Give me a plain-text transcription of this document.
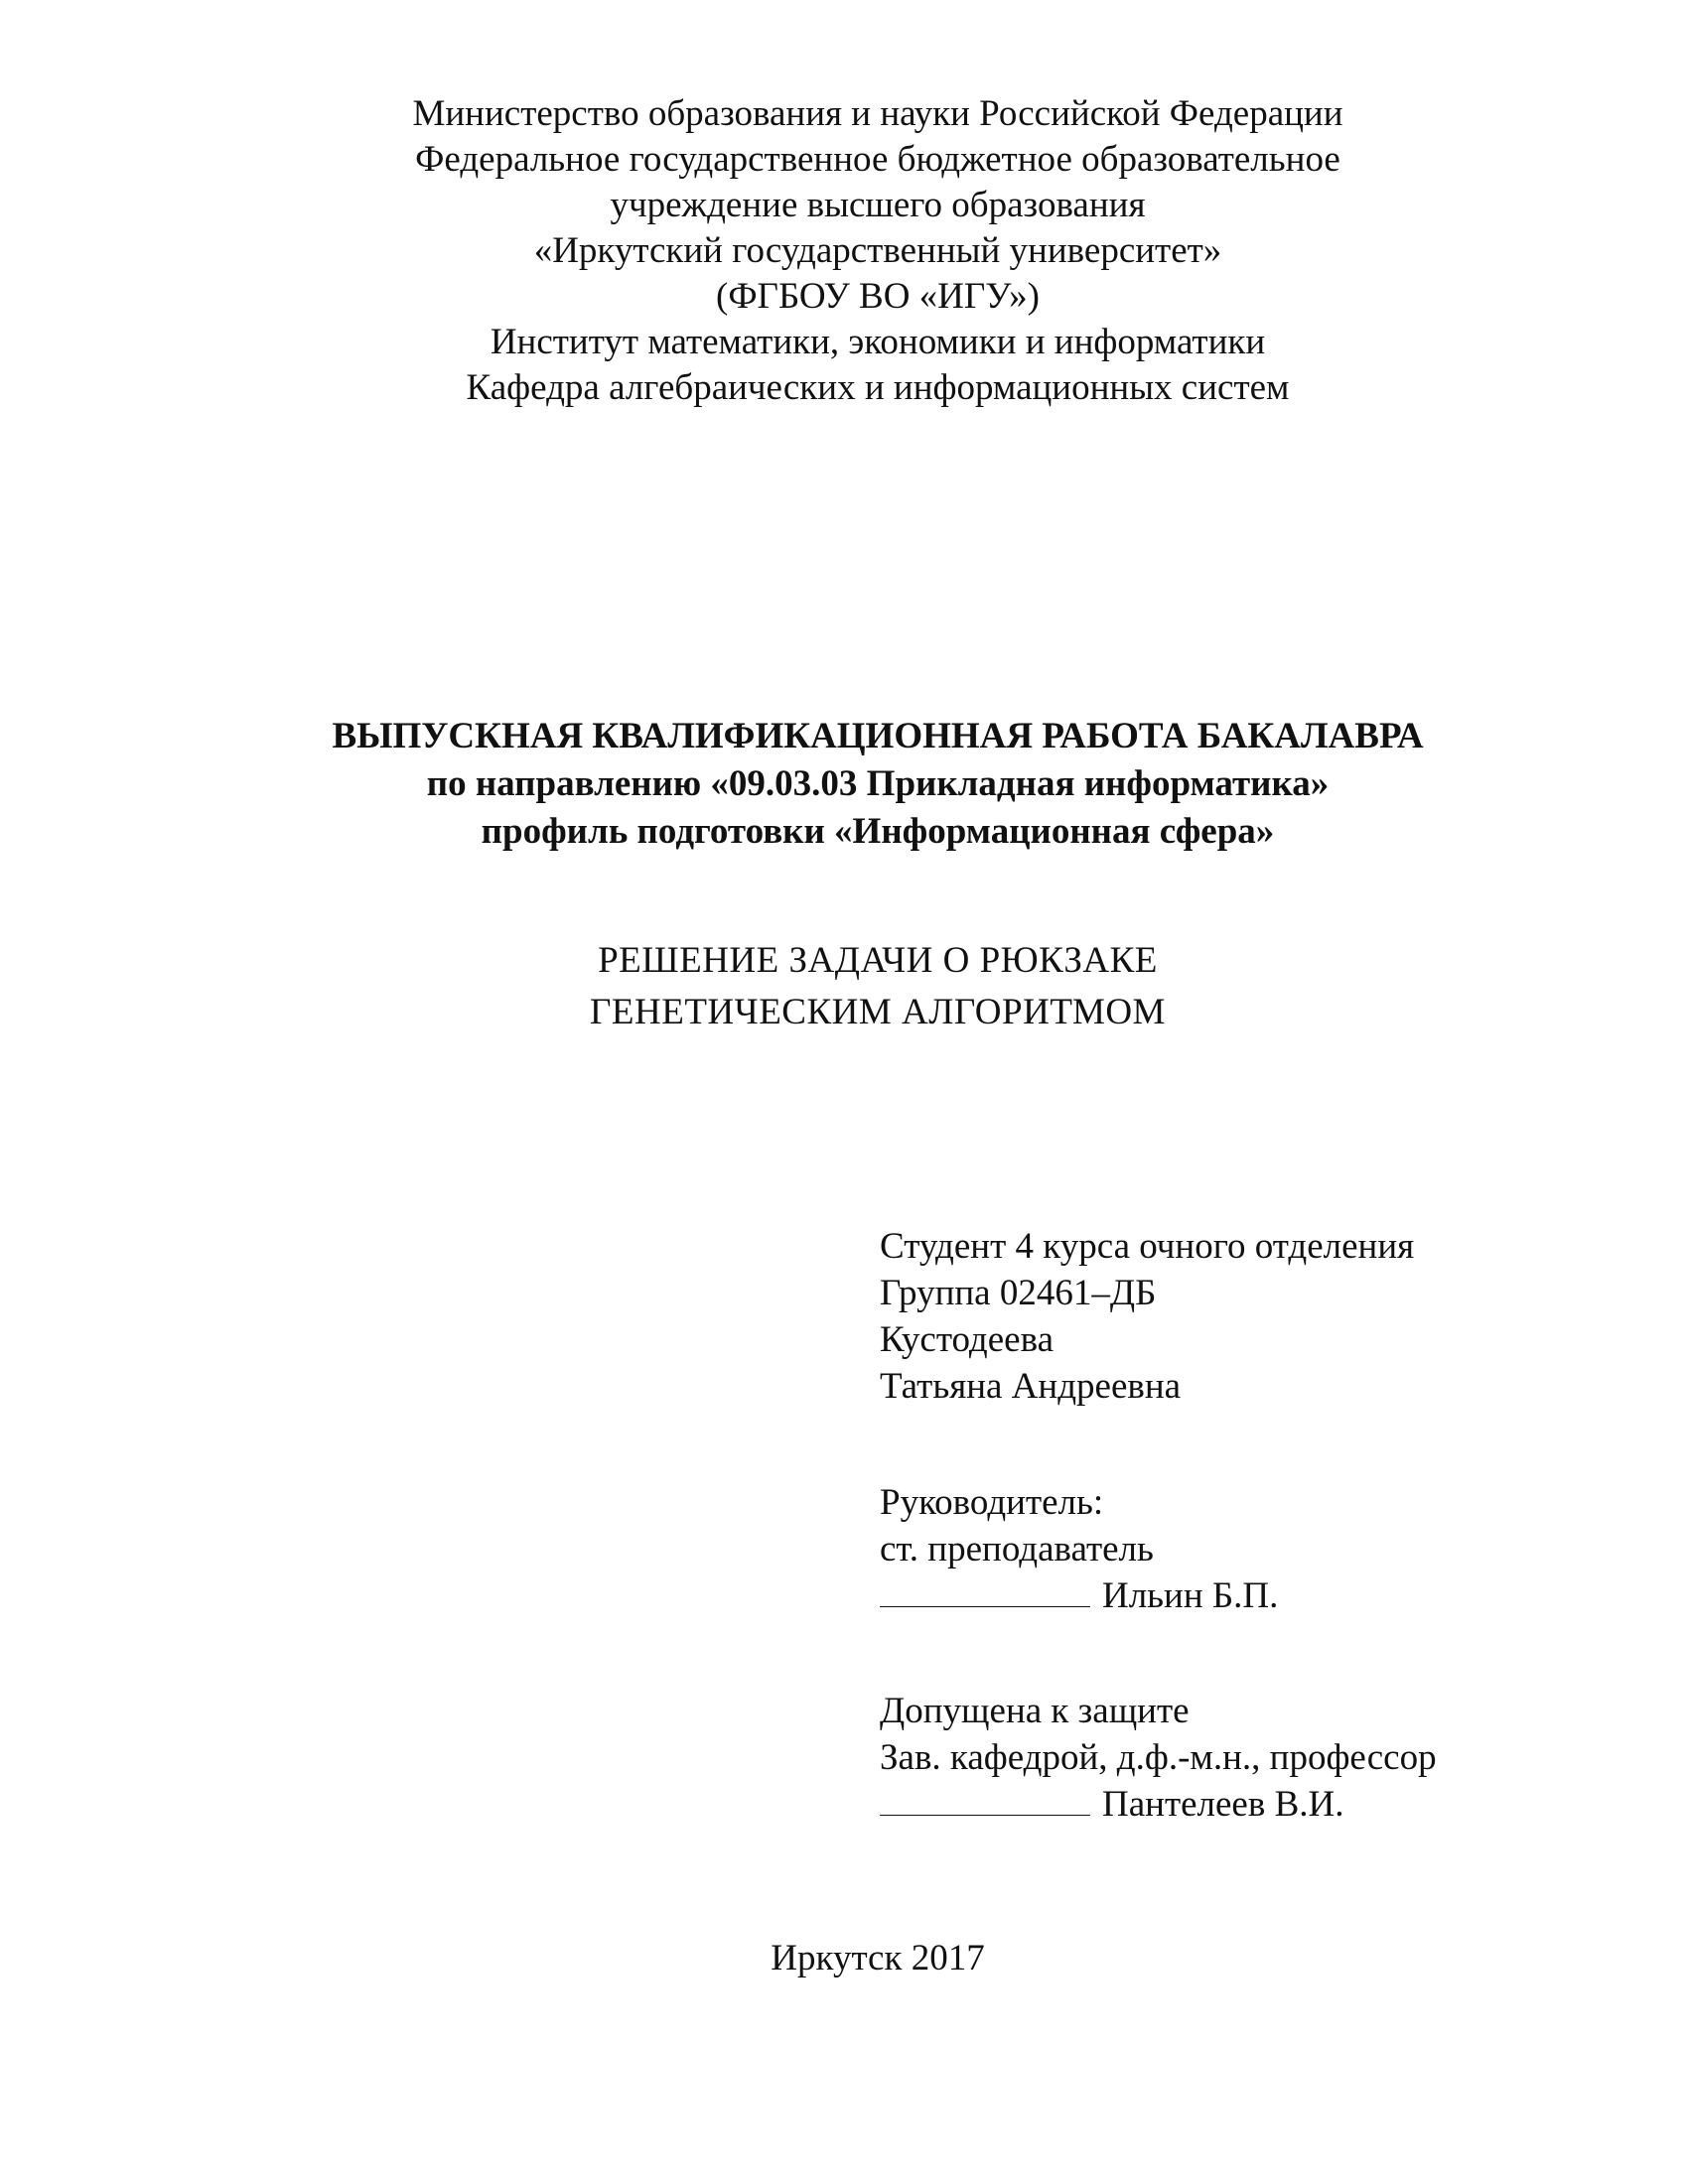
Министерство образования и науки Российской Федерации
Федеральное государственное бюджетное образовательное
учреждение высшего образования
«Иркутский государственный университет»
(ФГБОУ ВО «ИГУ»)
Институт математики, экономики и информатики
Кафедра алгебраических и информационных систем
ВЫПУСКНАЯ КВАЛИФИКАЦИОННАЯ РАБОТА БАКАЛАВРА
по направлению «09.03.03 Прикладная информатика»
профиль подготовки «Информационная сфера»
РЕШЕНИЕ ЗАДАЧИ О РЮКЗАКЕ
ГЕНЕТИЧЕСКИМ АЛГОРИТМОМ
Студент 4 курса очного отделения
Группа 02461–ДБ
Кустодеева
Татьяна Андреевна
Руководитель:
ст. преподаватель
Ильин Б.П.
Допущена к защите
Зав. кафедрой, д.ф.-м.н., профессор
Пантелеев В.И.
Иркутск 2017
